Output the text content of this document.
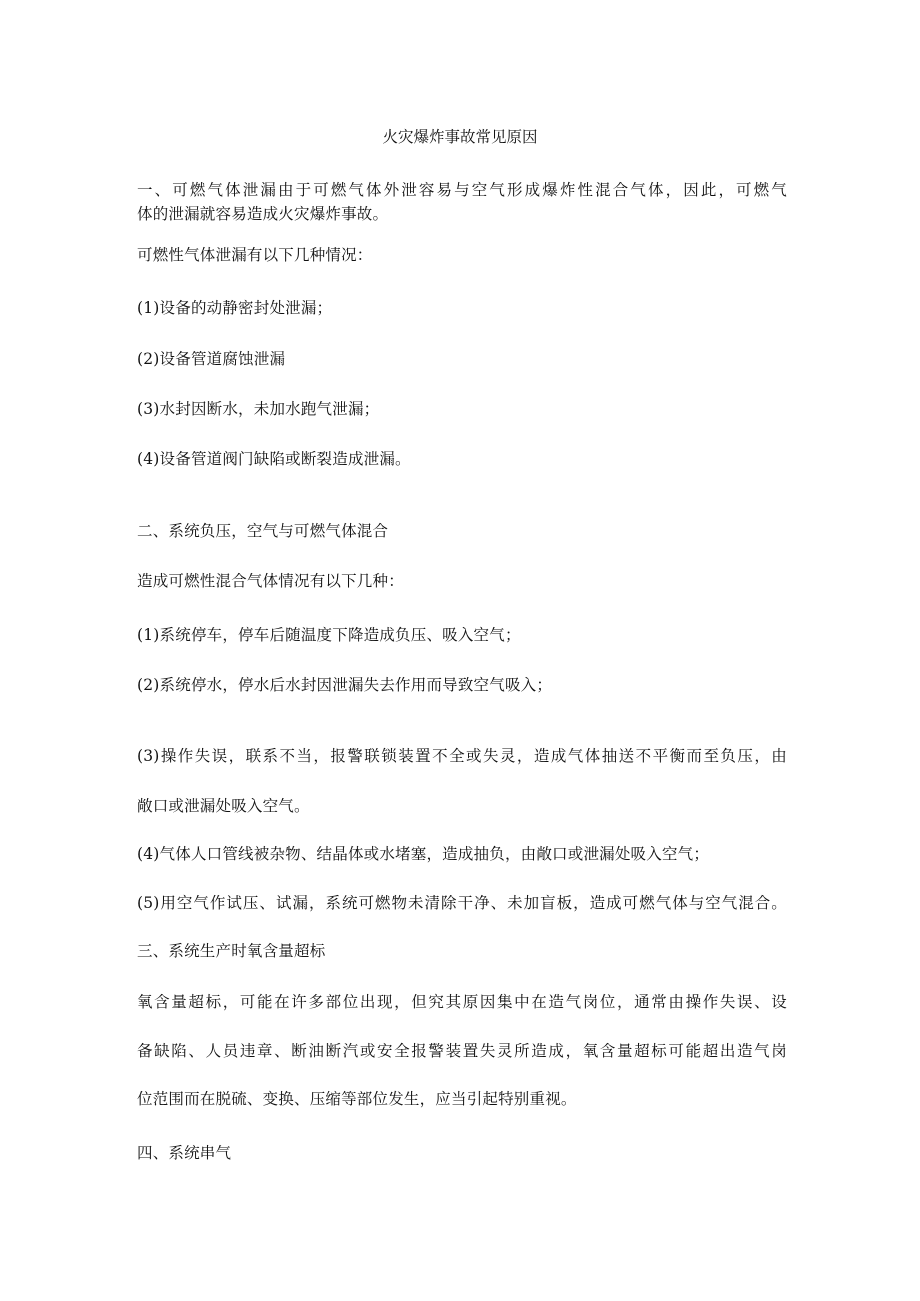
火灾爆炸事故常见原因
一、可燃气体泄漏由于可燃气体外泄容易与空气形成爆炸性混合气体，因此，可燃气
体的泄漏就容易造成火灾爆炸事故。
可燃性气体泄漏有以下几种情况：
(1)设备的动静密封处泄漏；
(2)设备管道腐蚀泄漏
(3)水封因断水，未加水跑气泄漏；
(4)设备管道阀门缺陷或断裂造成泄漏。
二、系统负压，空气与可燃气体混合
造成可燃性混合气体情况有以下几种：
(1)系统停车，停车后随温度下降造成负压、吸入空气；
(2)系统停水，停水后水封因泄漏失去作用而导致空气吸入；
(3)操作失误，联系不当，报警联锁装置不全或失灵，造成气体抽送不平衡而至负压，由
敞口或泄漏处吸入空气。
(4)气体人口管线被杂物、结晶体或水堵塞，造成抽负，由敞口或泄漏处吸入空气；
(5)用空气作试压、试漏，系统可燃物未清除干净、未加盲板，造成可燃气体与空气混合。
三、系统生产时氧含量超标
氧含量超标，可能在许多部位出现，但究其原因集中在造气岗位，通常由操作失误、设
备缺陷、人员违章、断油断汽或安全报警装置失灵所造成，氧含量超标可能超出造气岗
位范围而在脱硫、变换、压缩等部位发生，应当引起特别重视。
四、系统串气
